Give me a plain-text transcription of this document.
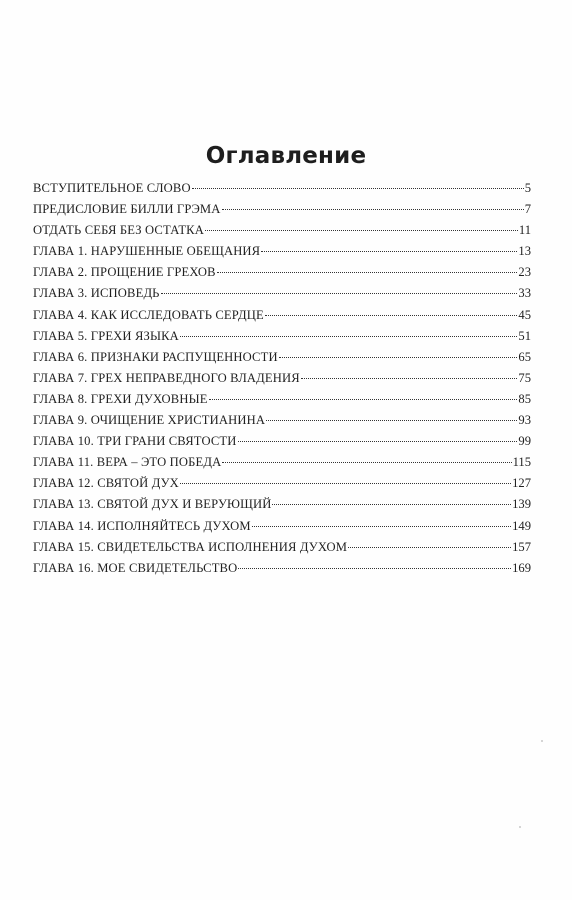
Оглавление
ВСТУПИТЕЛЬНОЕ СЛОВО	5
ПРЕДИСЛОВИЕ БИЛЛИ ГРЭМА	7
ОТДАТЬ СЕБЯ БЕЗ ОСТАТКА	11
ГЛАВА 1. НАРУШЕННЫЕ ОБЕЩАНИЯ	13
ГЛАВА 2. ПРОЩЕНИЕ ГРЕХОВ	23
ГЛАВА 3. ИСПОВЕДЬ	33
ГЛАВА 4. КАК ИССЛЕДОВАТЬ СЕРДЦЕ	45
ГЛАВА 5. ГРЕХИ ЯЗЫКА	51
ГЛАВА 6. ПРИЗНАКИ РАСПУЩЕННОСТИ	65
ГЛАВА 7. ГРЕХ НЕПРАВЕДНОГО ВЛАДЕНИЯ	75
ГЛАВА 8. ГРЕХИ ДУХОВНЫЕ	85
ГЛАВА 9. ОЧИЩЕНИЕ ХРИСТИАНИНА	93
ГЛАВА 10. ТРИ ГРАНИ СВЯТОСТИ	99
ГЛАВА 11. ВЕРА – ЭТО ПОБЕДА	115
ГЛАВА 12. СВЯТОЙ ДУХ	127
ГЛАВА 13. СВЯТОЙ ДУХ И ВЕРУЮЩИЙ	139
ГЛАВА 14. ИСПОЛНЯЙТЕСЬ ДУХОМ	149
ГЛАВА 15. СВИДЕТЕЛЬСТВА ИСПОЛНЕНИЯ ДУХОМ	157
ГЛАВА 16. МОЕ СВИДЕТЕЛЬСТВО	169
